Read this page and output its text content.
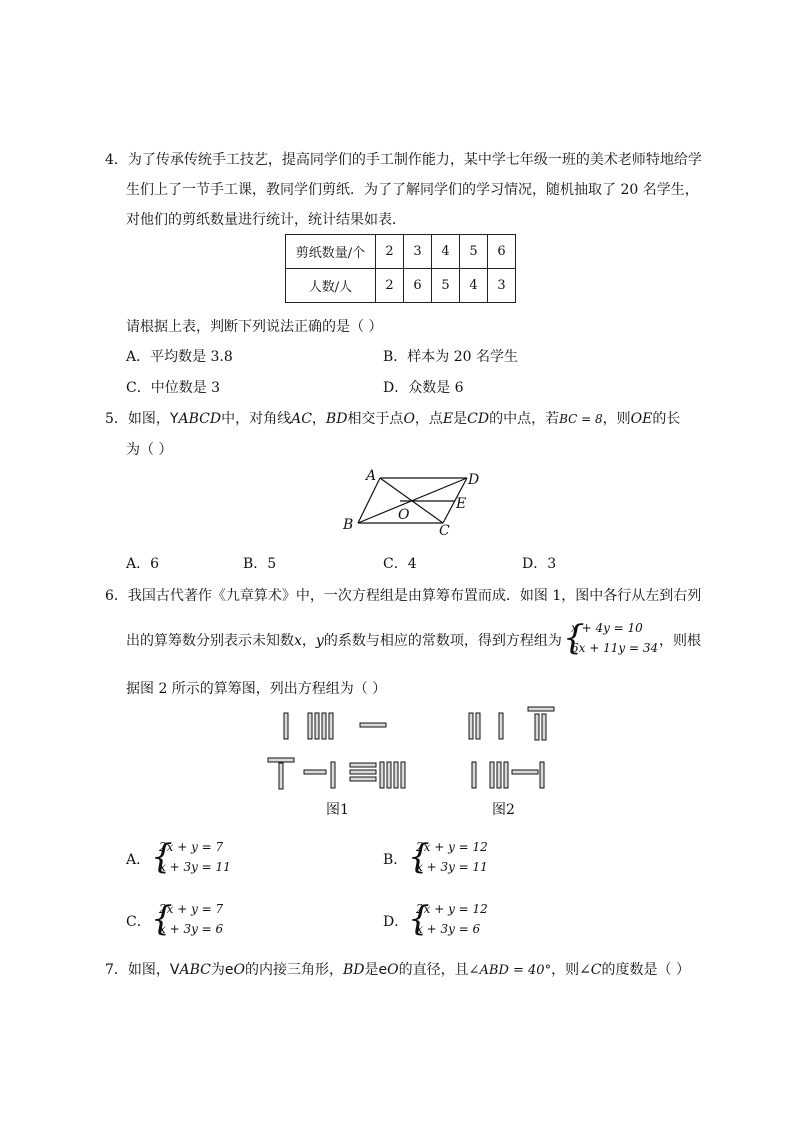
4．为了传承传统手工技艺，提高同学们的手工制作能力，某中学七年级一班的美术老师特地给学
生们上了一节手工课，教同学们剪纸．为了了解同学们的学习情况，随机抽取了 20 名学生，
对他们的剪纸数量进行统计，统计结果如表．
剪纸数量/个	2	3	4	5	6
人数/人	2	6	5	4	3
请根据上表，判断下列说法正确的是（ ）
A．平均数是 3.8	B．样本为 20 名学生
C．中位数是 3	D．众数是 6
5．如图，YABCD中，对角线AC，BD相交于点O，点E是CD的中点，若BC = 8，则OE的长
为（ ）
A
B	C
D
E
O
A．6	B．5	C．4	D．3
6．我国古代著作《九章算术》中，一次方程组是由算筹布置而成．如图 1，图中各行从左到右列
出的算筹数分别表示未知数x，y的系数与相应的常数项，得到方程组为 {
x + 4y = 10
6x + 11y = 34 ，则根
据图 2 所示的算筹图，列出方程组为（ ）
图1	图2
A． {
2x + y = 7
x + 3y = 11	B． {
2x + y = 12
x + 3y = 11
C． {
2x + y = 7
x + 3y = 6	D． {
2x + y = 12
x + 3y = 6
7．如图，VABC为eO的内接三角形，BD是eO的直径，且∠ABD = 40°，则∠C的度数是（ ）
